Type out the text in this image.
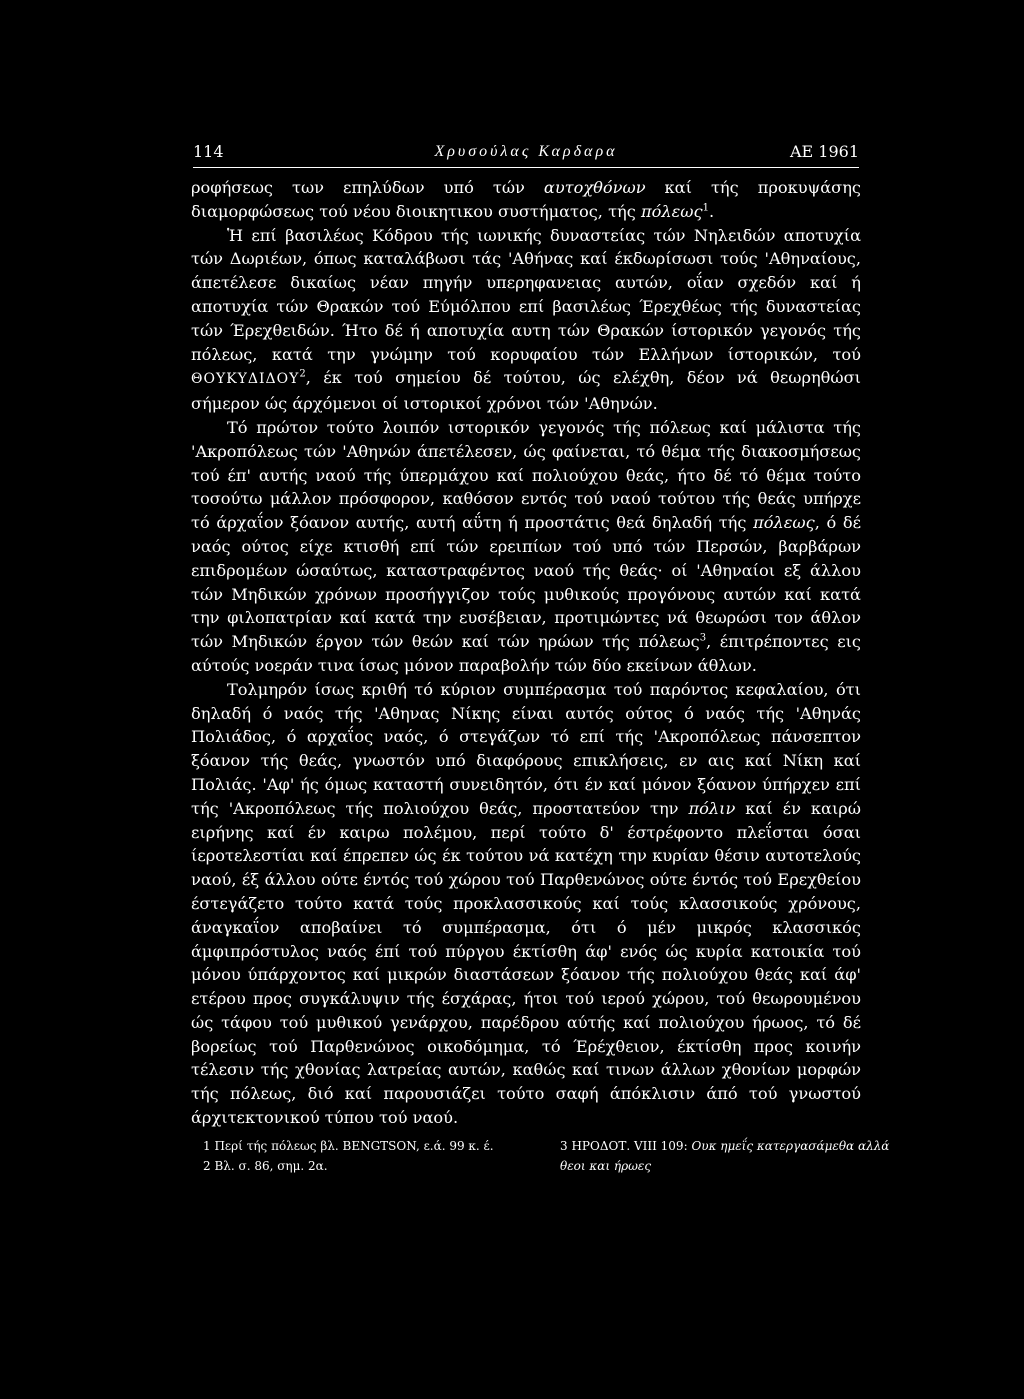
114	Χρυσούλας Καρδαρα	ΑΕ 1961

ροφήσεως των επηλύδων υπό τών αυτοχθόνων καί τής προκυψάσης διαμορφώσεως τού νέου διοικητικου συστήματος, τής πόλεως$^1$.

Ἡ επί βασιλέως Κόδρου τής ιωνικής δυναστείας τών Νηλειδών αποτυχία τών Δωριέων, όπως καταλάβωσι τάς 'Αθήνας καί έκδωρίσωσι τούς 'Αθηναίους, άπετέλεσε δικαίως νέαν πηγήν υπερηφανειας αυτών, οΐαν σχεδόν καί ή αποτυχία τών Θρακών τού Εύμόλπου επί βασιλέως Έρεχθέως τής δυναστείας τών Έρεχθειδών. Ήτο δέ ή αποτυχία αυτη τών Θρακών ίστορικόν γεγονός τής πόλεως, κατά την γνώμην τού κορυφαίου τών Ελλήνων ίστορικών, τού ΘΟΥΚΥΔΙΔΟΥ$^2$, έκ τού σημείου δέ τούτου, ώς ελέχθη, δέον νά θεωρηθώσι σήμερον ώς άρχόμενοι οί ιστορικοί χρόνοι τών 'Αθηνών.

Τό πρώτον τούτο λοιπόν ιστορικόν γεγονός τής πόλεως καί μάλιστα τής 'Ακροπόλεως τών 'Αθηνών άπετέλεσεν, ώς φαίνεται, τό θέμα τής διακοσμήσεως τού έπ' αυτής ναού τής ύπερμάχου καί πολιούχου θεάς, ήτο δέ τό θέμα τούτο τοσούτω μάλλον πρόσφορον, καθόσον εντός τού ναού τούτου τής θεάς υπήρχε τό άρχαΐον ξόανον αυτής, αυτή αΰτη ή προστάτις θεά δηλαδή τής πόλεως, ό δέ ναός ούτος είχε κτισθή επί τών ερειπίων τού υπό τών Περσών, βαρβάρων επιδρομέων ώσαύτως, καταστραφέντος ναού τής θεάς· οί 'Αθηναίοι εξ άλλου τών Μηδικών χρόνων προσήγγιζον τούς μυθικούς προγόνους αυτών καί κατά την φιλοπατρίαν καί κατά την ευσέβειαν, προτιμώντες νά θεωρώσι τον άθλον τών Μηδικών έργον τών θεών καί τών ηρώων τής πόλεως$^3$, έπιτρέποντες εις αύτούς νοεράν τινα ίσως μόνον παραβολήν τών δύο εκείνων άθλων.

Τολμηρόν ίσως κριθή τό κύριον συμπέρασμα τού παρόντος κεφαλαίου, ότι δηλαδή ό ναός τής 'Αθηνας Νίκης είναι αυτός ούτος ό ναός τής 'Αθηνάς Πολιάδος, ό αρχαΐος ναός, ό στεγάζων τό επί τής 'Ακροπόλεως πάνσεπτον ξόανον τής θεάς, γνωστόν υπό διαφόρους επικλήσεις, εν αις καί Νίκη καί Πολιάς. 'Αφ' ής όμως καταστή συνειδητόν, ότι έν καί μόνον ξόανον ύπήρχεν επί τής 'Ακροπόλεως τής πολιούχου θεάς, προστατεύον την πόλιν καί έν καιρώ ειρήνης καί έν καιρω πολέμου, περί τούτο δ' έστρέφοντο πλεΐσται όσαι ίεροτελεστίαι καί έπρεπεν ώς έκ τούτου νά κατέχη την κυρίαν θέσιν αυτοτελούς ναού, έξ άλλου ούτε έντός τού χώρου τού Παρθενώνος ούτε έντός τού Ερεχθείου έστεγάζετο τούτο κατά τούς προκλασσικούς καί τούς κλασσικούς χρόνους, άναγκαΐον αποβαίνει τό συμπέρασμα, ότι ό μέν μικρός κλασσικός άμφιπρόστυλος ναός έπί τού πύργου έκτίσθη άφ' ενός ώς κυρία κατοικία τού μόνου ύπάρχοντος καί μικρών διαστάσεων ξόανον τής πολιούχου θεάς καί άφ' ετέρου προς συγκάλυψιν τής έσχάρας, ήτοι τού ιερού χώρου, τού θεωρουμένου ώς τάφου τού μυθικού γενάρχου, παρέδρου αύτής καί πολιούχου ήρωος, τό δέ βορείως τού Παρθενώνος οικοδόμημα, τό Έρέχθειον, έκτίσθη προς κοινήν τέλεσιν τής χθονίας λατρείας αυτών, καθώς καί τινων άλλων χθονίων μορφών τής πόλεως, διό καί παρουσιάζει τούτο σαφή άπόκλισιν άπό τού γνωστού άρχιτεκτονικού τύπου τού ναού.

1 Περί τής πόλεως βλ. BENGTSON, ε.ά. 99 κ. έ.
2 Βλ. σ. 86, σημ. 2α.
3 ΗΡΟΔΟΤ. VIII 109: Ουκ ημεΐς κατεργασάμεθα αλλά
θεοι και ήρωες
